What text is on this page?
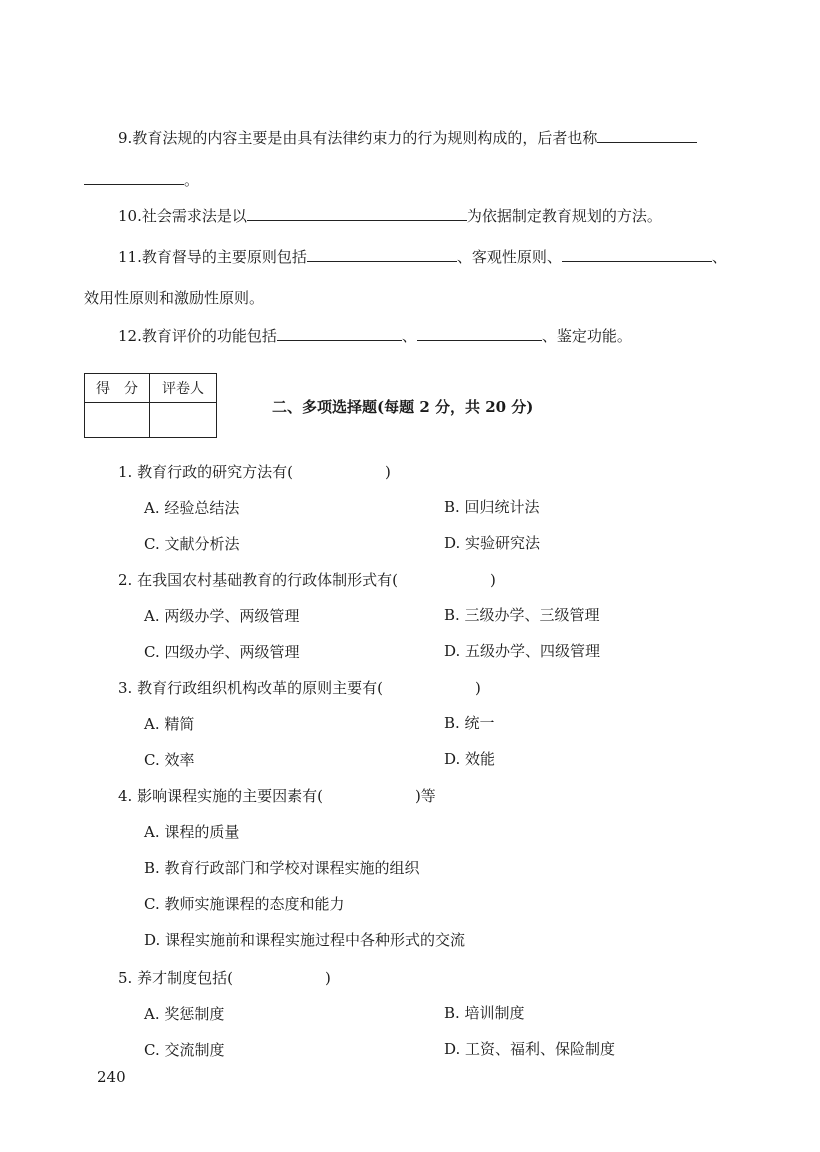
9.教育法规的内容主要是由具有法律约束力的行为规则构成的，后者也称
。
10.社会需求法是以	为依据制定教育规划的方法。
11.教育督导的主要原则包括	、客观性原则、	、
效用性原则和激励性原则。
12.教育评价的功能包括	、	、鉴定功能。
得　分	评卷人

二、多项选择题(每题 2 分，共 20 分)
1. 教育行政的研究方法有(	)
A. 经验总结法	B. 回归统计法
C. 文献分析法	D. 实验研究法
2. 在我国农村基础教育的行政体制形式有(	)
A. 两级办学、两级管理	B. 三级办学、三级管理
C. 四级办学、两级管理	D. 五级办学、四级管理
3. 教育行政组织机构改革的原则主要有(	)
A. 精简	B. 统一
C. 效率	D. 效能
4. 影响课程实施的主要因素有(	)等
A. 课程的质量
B. 教育行政部门和学校对课程实施的组织
C. 教师实施课程的态度和能力
D. 课程实施前和课程实施过程中各种形式的交流
5. 养才制度包括(	)
A. 奖惩制度	B. 培训制度
C. 交流制度	D. 工资、福利、保险制度
240
